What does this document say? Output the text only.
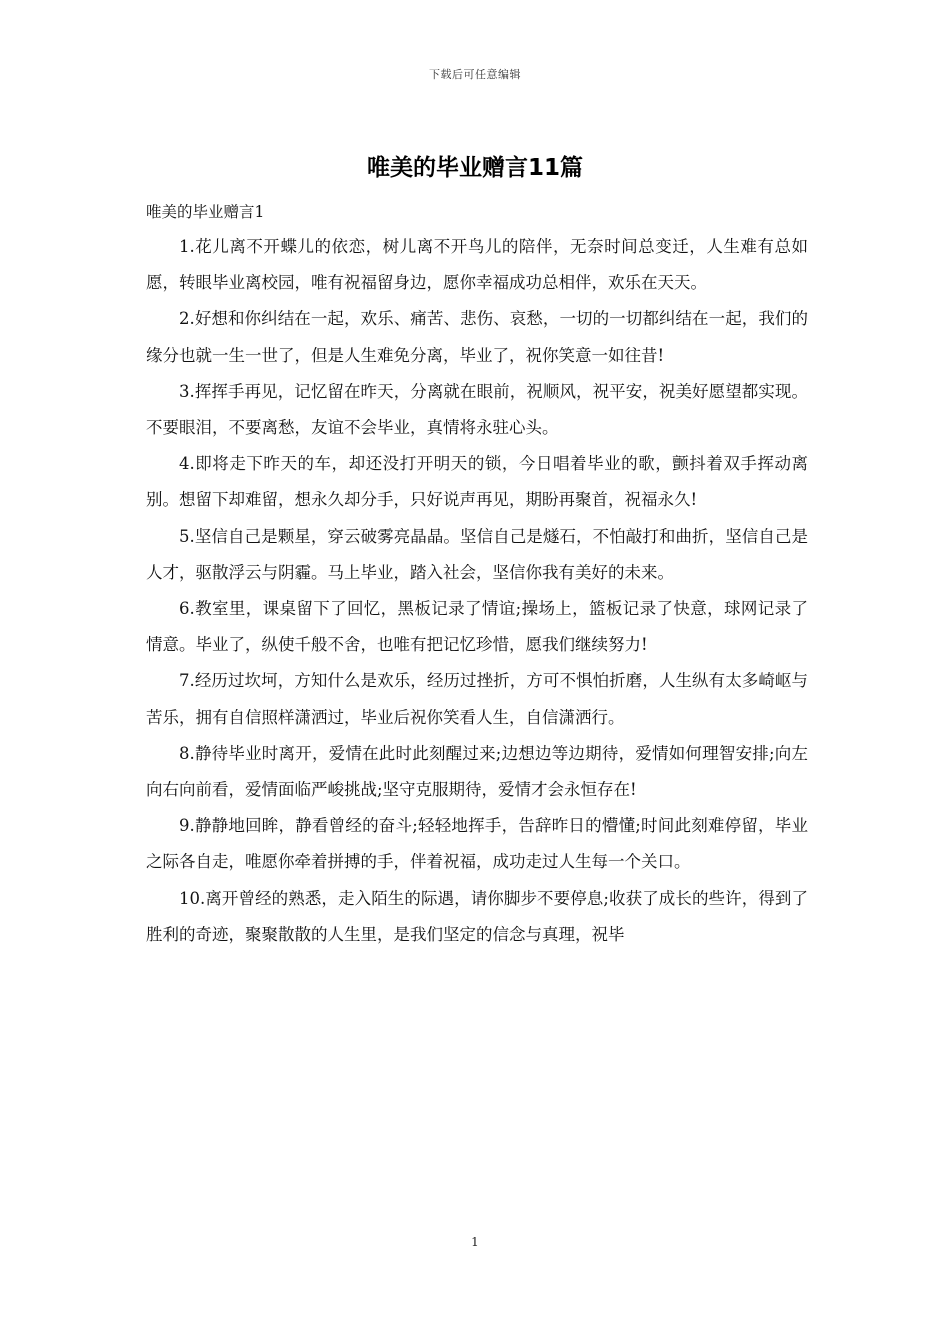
下载后可任意编辑
唯美的毕业赠言11篇
唯美的毕业赠言1

1.花儿离不开蝶儿的依恋，树儿离不开鸟儿的陪伴，无奈时间总变迁，人生难有总如愿，转眼毕业离校园，唯有祝福留身边，愿你幸福成功总相伴，欢乐在天天。

2.好想和你纠结在一起，欢乐、痛苦、悲伤、哀愁，一切的一切都纠结在一起，我们的缘分也就一生一世了，但是人生难免分离，毕业了，祝你笑意一如往昔!

3.挥挥手再见，记忆留在昨天，分离就在眼前，祝顺风，祝平安，祝美好愿望都实现。不要眼泪，不要离愁，友谊不会毕业，真情将永驻心头。

4.即将走下昨天的车，却还没打开明天的锁，今日唱着毕业的歌，颤抖着双手挥动离别。想留下却难留，想永久却分手，只好说声再见，期盼再聚首，祝福永久!

5.坚信自己是颗星，穿云破雾亮晶晶。坚信自己是燧石，不怕敲打和曲折，坚信自己是人才，驱散浮云与阴霾。马上毕业，踏入社会，坚信你我有美好的未来。

6.教室里，课桌留下了回忆，黑板记录了情谊;操场上，篮板记录了快意，球网记录了情意。毕业了，纵使千般不舍，也唯有把记忆珍惜，愿我们继续努力!

7.经历过坎坷，方知什么是欢乐，经历过挫折，方可不惧怕折磨，人生纵有太多崎岖与苦乐，拥有自信照样潇洒过，毕业后祝你笑看人生，自信潇洒行。

8.静待毕业时离开，爱情在此时此刻醒过来;边想边等边期待，爱情如何理智安排;向左向右向前看，爱情面临严峻挑战;坚守克服期待，爱情才会永恒存在!

9.静静地回眸，静看曾经的奋斗;轻轻地挥手，告辞昨日的懵懂;时间此刻难停留，毕业之际各自走，唯愿你牵着拼搏的手，伴着祝福，成功走过人生每一个关口。

10.离开曾经的熟悉，走入陌生的际遇，请你脚步不要停息;收获了成长的些许，得到了胜利的奇迹，聚聚散散的人生里，是我们坚定的信念与真理，祝毕

1
